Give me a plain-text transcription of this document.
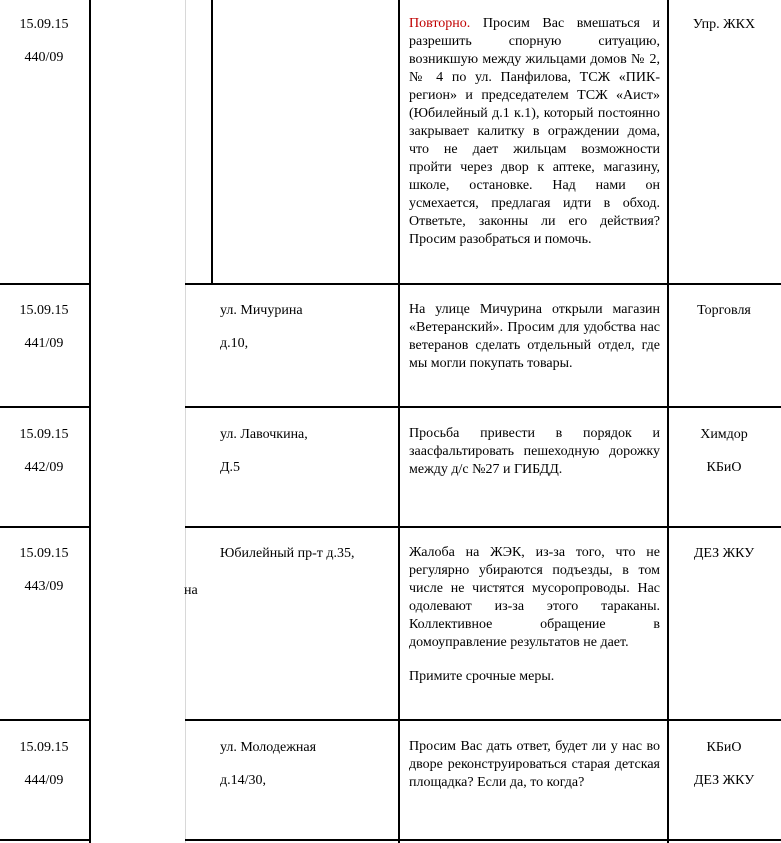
15.09.15
440/09

Повторно. Просим Вас вмешаться и разрешить спорную ситуацию, возникшую между жильцами домов № 2, № 4 по ул. Панфилова, ТСЖ «ПИК-регион» и председателем ТСЖ «Аист» (Юбилейный д.1 к.1), который постоянно закрывает калитку в ограждении дома, что не дает жильцам возможности пройти через двор к аптеке, магазину, школе, остановке. Над нами он усмехается, предлагая идти в обход. Ответьте, законны ли его действия? Просим разобраться и помочь.

Упр. ЖКХ
15.09.15
441/09
ул. Мичурина
д.10,

На улице Мичурина открыли магазин «Ветеранский». Просим для удобства нас ветеранов сделать отдельный отдел, где мы могли покупать товары.

Торговля
15.09.15
442/09
ул. Лавочкина,
Д.5

Просьба привести в порядок и заасфальтировать пешеходную дорожку между д/с №27 и ГИБДД.

Химдор
КБиО
15.09.15
443/09	на
Юбилейный пр-т д.35,	Жалоба на ЖЭК, из-за того, что не регулярно убираются подъезды, в том числе не чистятся мусоропроводы. Нас одолевают из-за этого тараканы. Коллективное обращение в домоуправление результатов не дает.

Примите срочные меры.

ДЕЗ ЖКУ
15.09.15
444/09
ул. Молодежная
д.14/30,

Просим Вас дать ответ, будет ли у нас во дворе реконструироваться старая детская площадка? Если да, то когда?

КБиО
ДЕЗ ЖКУ
